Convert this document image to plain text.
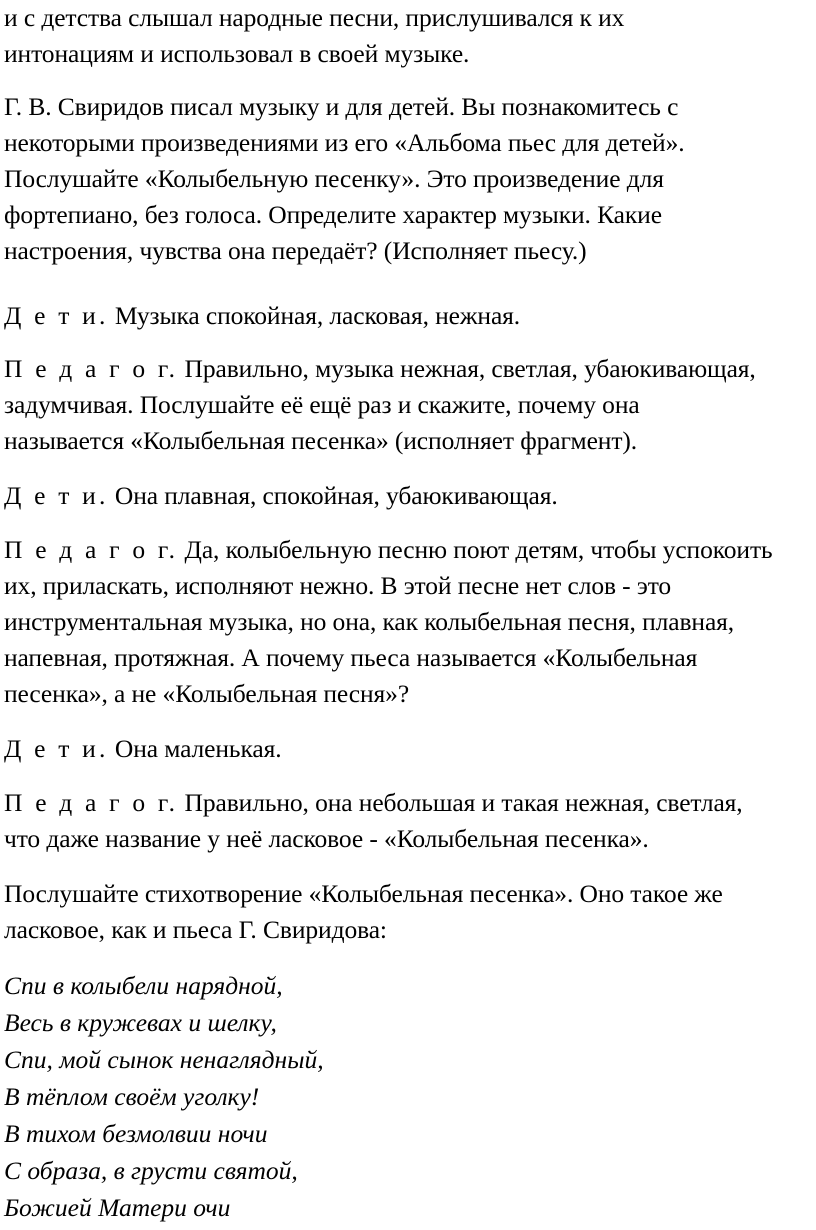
и с детства слышал народные песни, прислушивался к их
интонациям и использовал в своей музыке.

Г. В. Свиридов писал музыку и для детей. Вы познакомитесь с
некоторыми произведениями из его «Альбома пьес для детей».
Послушайте «Колыбельную песенку». Это произведение для
фортепиано, без голоса. Определите характер музыки. Какие
настроения, чувства она передаёт? (Исполняет пьесу.)

Д е т и. Музыка спокойная, ласковая, нежная.

П е д а г о г. Правильно, музыка нежная, светлая, убаюкивающая,
задумчивая. Послушайте её ещё раз и скажите, почему она
называется «Колыбельная песенка» (исполняет фрагмент).

Д е т и. Она плавная, спокойная, убаюкивающая.

П е д а г о г. Да, колыбельную песню поют детям, чтобы успокоить
их, приласкать, исполняют нежно. В этой песне нет слов - это
инструментальная музыка, но она, как колыбельная песня, плавная,
напевная, протяжная. А почему пьеса называется «Колыбельная
песенка», а не «Колыбельная песня»?

Д е т и. Она маленькая.

П е д а г о г. Правильно, она небольшая и такая нежная, светлая,
что даже название у неё ласковое - «Колыбельная песенка».

Послушайте стихотворение «Колыбельная песенка». Оно такое же
ласковое, как и пьеса Г. Свиридова:

Спи в колыбели нарядной,
Весь в кружевах и шелку,
Спи, мой сынок ненаглядный,
В тёплом своём уголку!
В тихом безмолвии ночи
С образа, в грусти святой,
Божией Матери очи
